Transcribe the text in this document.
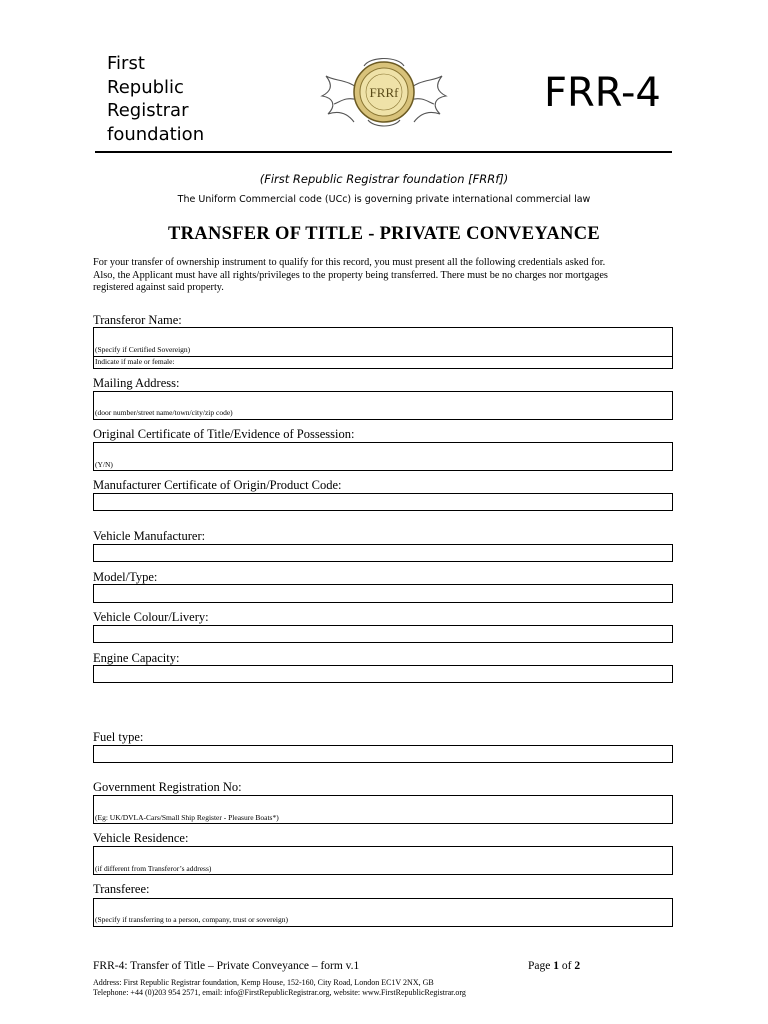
First
Republic
Registrar
foundation
FRRf	FRR-4
(First Republic Registrar foundation [FRRf])
The Uniform Commercial code (UCc) is governing private international commercial law
TRANSFER OF TITLE - PRIVATE CONVEYANCE
For your transfer of ownership instrument to qualify for this record, you must present all the following credentials asked for.
Also, the Applicant must have all rights/privileges to the property being transferred. There must be no charges nor mortgages
registered against said property.
Transferor Name:
(Specify if Certified Sovereign)
Indicate if male or female:
Mailing Address:
(door number/street name/town/city/zip code)
Original Certificate of Title/Evidence of Possession:
(Y/N)
Manufacturer Certificate of Origin/Product Code:
Vehicle Manufacturer:
Model/Type:
Vehicle Colour/Livery:
Engine Capacity:
Fuel type:
Government Registration No:
(Eg: UK/DVLA-Cars/Small Ship Register - Pleasure Boats*)
Vehicle Residence:
(if different from Transferor’s address)
Transferee:
(Specify if transferring to a person, company, trust or sovereign)
FRR-4: Transfer of Title – Private Conveyance – form v.1	Page 1 of 2
Address: First Republic Registrar foundation, Kemp House, 152-160, City Road, London EC1V 2NX, GB
Telephone: +44 (0)203 954 2571, email: info@FirstRepublicRegistrar.org, website: www.FirstRepublicRegistrar.org
